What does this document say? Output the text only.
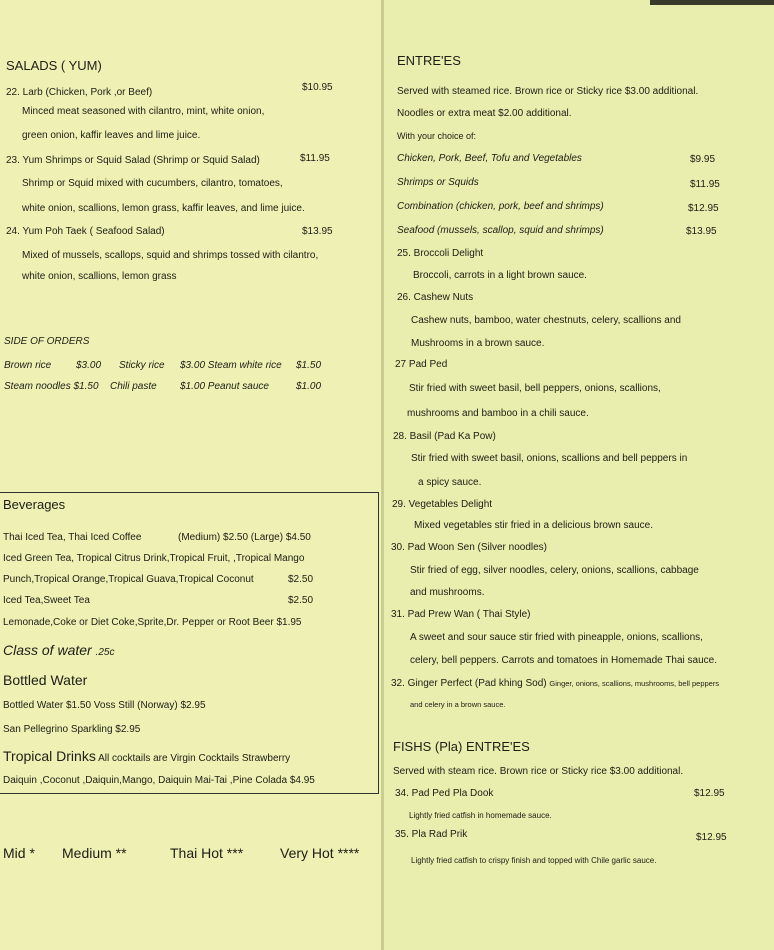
SALADS ( YUM)
22. Larb (Chicken, Pork ,or Beef)	$10.95
Minced meat seasoned with cilantro, mint, white onion,
green onion, kaffir leaves and lime juice.
23. Yum Shrimps or Squid Salad (Shrimp or Squid Salad)	$11.95
Shrimp or Squid mixed with cucumbers, cilantro, tomatoes,
white onion, scallions, lemon grass, kaffir leaves, and lime juice.
24. Yum Poh Taek ( Seafood Salad)	$13.95
Mixed of mussels, scallops, squid and shrimps tossed with cilantro,
white onion, scallions, lemon grass
SIDE OF ORDERS
Brown rice $3.00 Sticky rice $3.00 Steam white rice $1.50
Steam noodles $1.50 Chili paste $1.00 Peanut sauce	$1.00
Beverages
Thai Iced Tea, Thai Iced Coffee	(Medium) $2.50 (Large) $4.50
Iced Green Tea, Tropical Citrus Drink,Tropical Fruit, ,Tropical Mango
Punch,Tropical Orange,Tropical Guava,Tropical Coconut	$2.50
Iced Tea,Sweet Tea	$2.50
Lemonade,Coke or Diet Coke,Sprite,Dr. Pepper or Root Beer $1.95
Class of water .25c
Bottled Water
Bottled Water $1.50 Voss Still (Norway) $2.95
San Pellegrino Sparkling $2.95
Tropical Drinks All cocktails are Virgin Cocktails Strawberry
Daiquin ,Coconut ,Daiquin,Mango, Daiquin Mai-Tai ,Pine Colada $4.95
Mid * Medium **	Thai Hot ***	Very Hot ****
ENTRE'ES
Served with steamed rice. Brown rice or Sticky rice $3.00 additional.
Noodles or extra meat $2.00 additional.
With your choice of:
Chicken, Pork, Beef, Tofu and Vegetables	$9.95
Shrimps or Squids	$11.95
Combination (chicken, pork, beef and shrimps)	$12.95
Seafood (mussels, scallop, squid and shrimps)	$13.95
25. Broccoli Delight
Broccoli, carrots in a light brown sauce.
26. Cashew Nuts
Cashew nuts, bamboo, water chestnuts, celery, scallions and
Mushrooms in a brown sauce.
27 Pad Ped
Stir fried with sweet basil, bell peppers, onions, scallions,
mushrooms and bamboo in a chili sauce.
28. Basil (Pad Ka Pow)
Stir fried with sweet basil, onions, scallions and bell peppers in
a spicy sauce.
29. Vegetables Delight
Mixed vegetables stir fried in a delicious brown sauce.
30. Pad Woon Sen (Silver noodles)
Stir fried of egg, silver noodles, celery, onions, scallions, cabbage
and mushrooms.
31. Pad Prew Wan ( Thai Style)
A sweet and sour sauce stir fried with pineapple, onions, scallions,
celery, bell peppers. Carrots and tomatoes in Homemade Thai sauce.
32. Ginger Perfect (Pad khing Sod) Ginger, onions, scallions, mushrooms, bell peppers
and celery in a brown sauce.
FISHS (Pla) ENTRE'ES
Served with steam rice. Brown rice or Sticky rice $3.00 additional.
34. Pad Ped Pla Dook	$12.95
Lightly fried catfish in homemade sauce.
35. Pla Rad Prik	$12.95
Lightly fried catfish to crispy finish and topped with Chile garlic sauce.
